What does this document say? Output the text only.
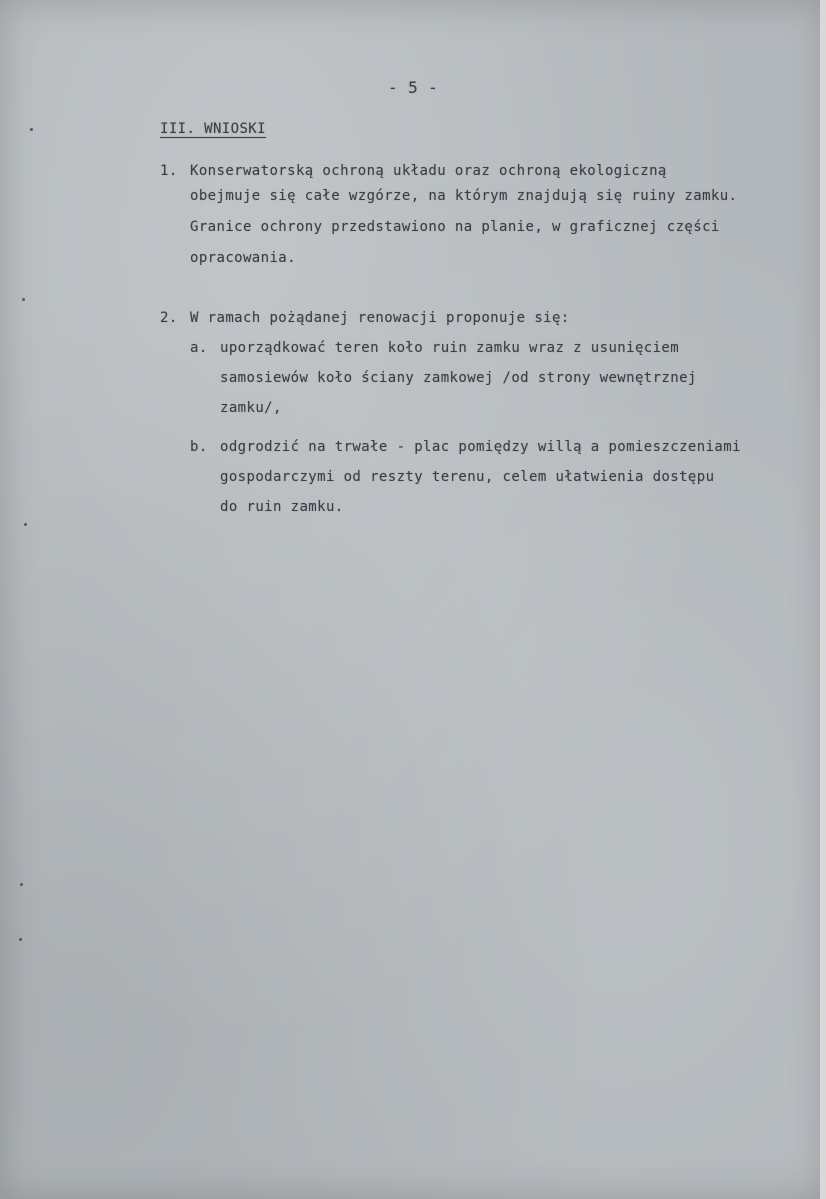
- 5 -
III. WNIOSKI
1. Konserwatorską ochroną układu oraz ochroną ekologiczną
obejmuje się całe wzgórze, na którym znajdują się ruiny zamku.
Granice ochrony przedstawiono na planie, w graficznej części
opracowania.
2. W ramach pożądanej renowacji proponuje się:
a. uporządkować teren koło ruin zamku wraz z usunięciem
samosiewów koło ściany zamkowej /od strony wewnętrznej
zamku/,
b. odgrodzić na trwałe - plac pomiędzy willą a pomieszczeniami
gospodarczymi od reszty terenu, celem ułatwienia dostępu
do ruin zamku.
